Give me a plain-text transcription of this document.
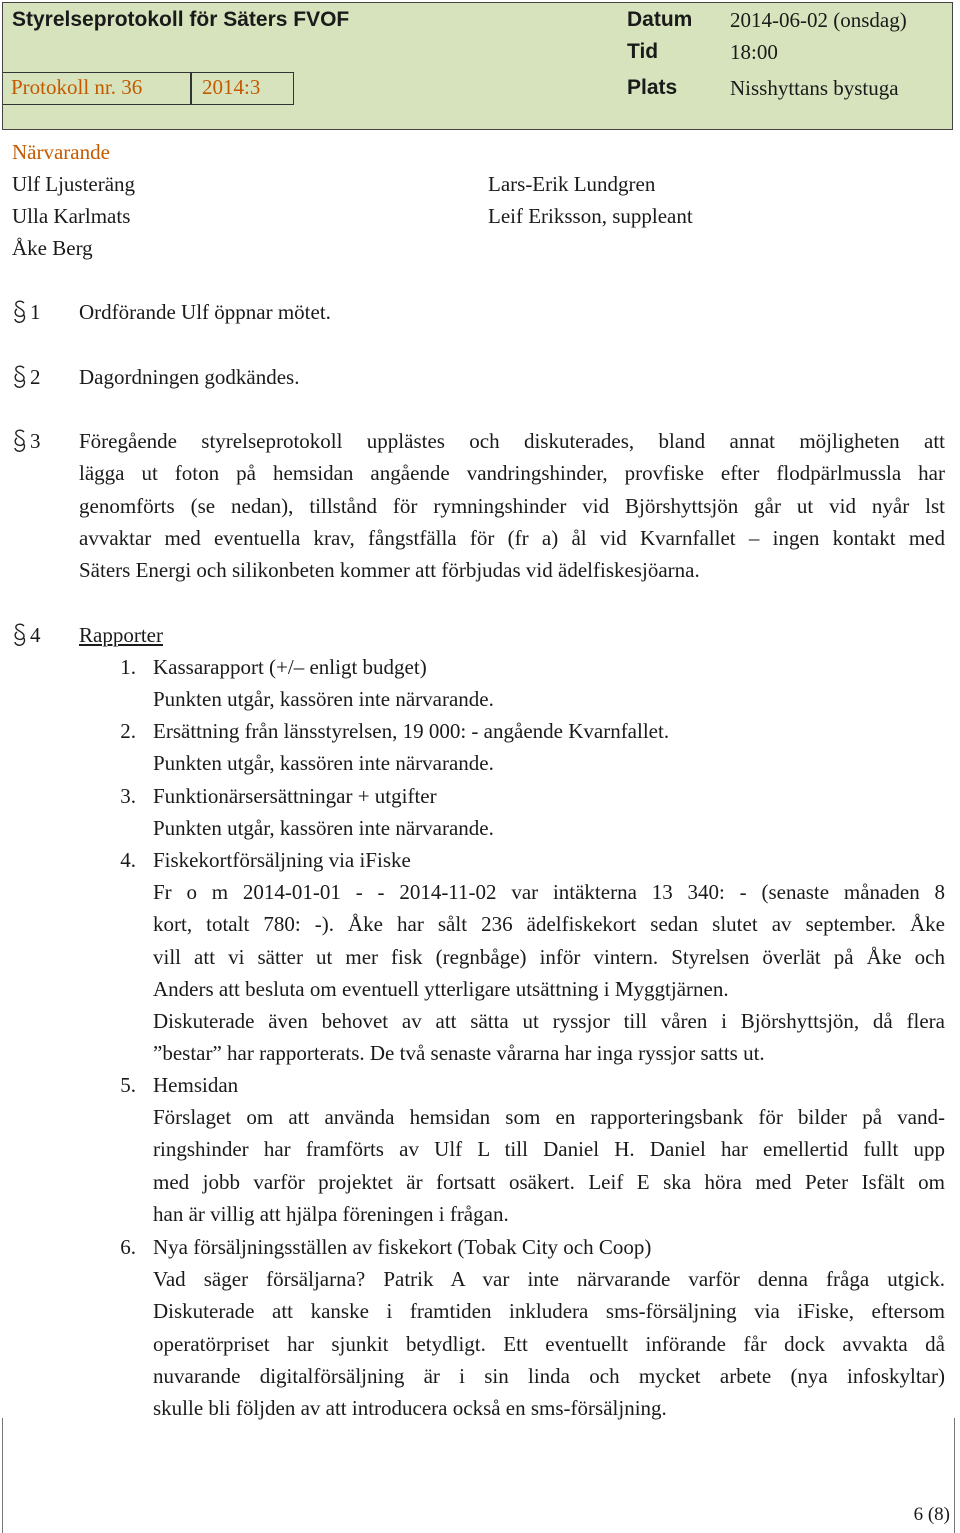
Styrelseprotokoll för Säters FVOF	Datum 2014-06-02 (onsdag)
Tid	18:00
Protokoll nr. 36	2014:3	Plats	Nisshyttans bystuga
Närvarande
Ulf Ljusteräng
Ulla Karlmats
Åke Berg
Lars-Erik Lundgren
Leif Eriksson, suppleant
1 Ordförande Ulf öppnar mötet.
2 Dagordningen godkändes.
3 Föregående styrelseprotokoll upplästes och diskuterades, bland annat möjligheten att
lägga ut foton på hemsidan angående vandringshinder, provfiske efter flodpärlmussla har
genomförts (se nedan), tillstånd för rymningshinder vid Björshyttsjön går ut vid nyår lst
avvaktar med eventuella krav, fångstfälla för (fr a) ål vid Kvarnfallet – ingen kontakt med
Säters Energi och silikonbeten kommer att förbjudas vid ädelfiskesjöarna.
4 Rapporter
1. Kassarapport (+/– enligt budget)
Punkten utgår, kassören inte närvarande.
2. Ersättning från länsstyrelsen, 19 000: - angående Kvarnfallet.
Punkten utgår, kassören inte närvarande.
3. Funktionärsersättningar + utgifter
Punkten utgår, kassören inte närvarande.
4. Fiskekortförsäljning via iFiske
Fr o m 2014-01-01 - - 2014-11-02 var intäkterna 13 340: - (senaste månaden 8
kort, totalt 780: -). Åke har sålt 236 ädelfiskekort sedan slutet av september. Åke
vill att vi sätter ut mer fisk (regnbåge) inför vintern. Styrelsen överlät på Åke och
Anders att besluta om eventuell ytterligare utsättning i Myggtjärnen.
Diskuterade även behovet av att sätta ut ryssjor till våren i Björshyttsjön, då flera
”bestar” har rapporterats. De två senaste vårarna har inga ryssjor satts ut.
5. Hemsidan
Förslaget om att använda hemsidan som en rapporteringsbank för bilder på vand-
ringshinder har framförts av Ulf L till Daniel H. Daniel har emellertid fullt upp
med jobb varför projektet är fortsatt osäkert. Leif E ska höra med Peter Isfält om
han är villig att hjälpa föreningen i frågan.
6. Nya försäljningsställen av fiskekort (Tobak City och Coop)
Vad säger försäljarna? Patrik A var inte närvarande varför denna fråga utgick.
Diskuterade att kanske i framtiden inkludera sms-försäljning via iFiske, eftersom
operatörpriset har sjunkit betydligt. Ett eventuellt införande får dock avvakta då
nuvarande digitalförsäljning är i sin linda och mycket arbete (nya infoskyltar)
skulle bli följden av att introducera också en sms-försäljning.
6 (8)
